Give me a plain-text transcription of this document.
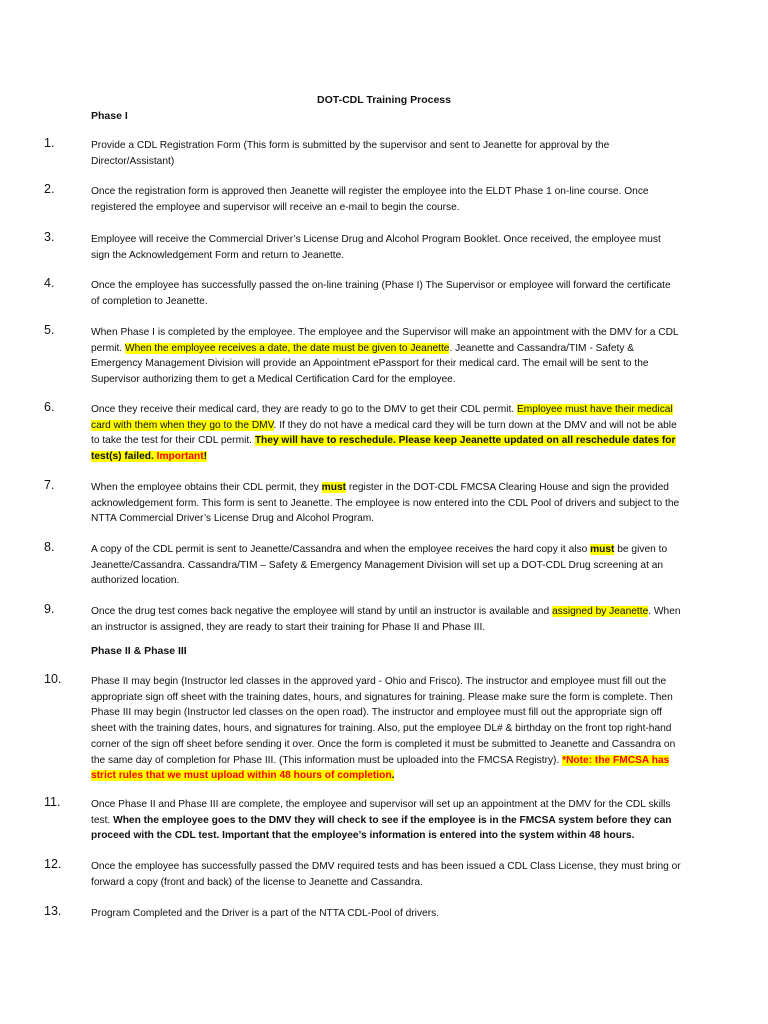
DOT-CDL Training Process

Phase I

1.	Provide a CDL Registration Form (This form is submitted by the supervisor and sent to Jeanette for approval by the Director/Assistant)
2.	Once the registration form is approved then Jeanette will register the employee into the ELDT Phase 1 on-line course. Once registered the employee and supervisor will receive an e-mail to begin the course.
3.	Employee will receive the Commercial Driver’s License Drug and Alcohol Program Booklet. Once received, the employee must sign the Acknowledgement Form and return to Jeanette.
4.	Once the employee has successfully passed the on-line training (Phase I) The Supervisor or employee will forward the certificate of completion to Jeanette.
5.	When Phase I is completed by the employee. The employee and the Supervisor will make an appointment with the DMV for a CDL permit. When the employee receives a date, the date must be given to Jeanette. Jeanette and Cassandra/TIM - Safety & Emergency Management Division will provide an Appointment ePassport for their medical card. The email will be sent to the Supervisor authorizing them to get a Medical Certification Card for the employee.
6.	Once they receive their medical card, they are ready to go to the DMV to get their CDL permit. Employee must have their medical card with them when they go to the DMV. If they do not have a medical card they will be turn down at the DMV and will not be able to take the test for their CDL permit. They will have to reschedule. Please keep Jeanette updated on all reschedule dates for test(s) failed. Important!
7.	When the employee obtains their CDL permit, they must register in the DOT-CDL FMCSA Clearing House and sign the provided acknowledgement form. This form is sent to Jeanette. The employee is now entered into the CDL Pool of drivers and subject to the NTTA Commercial Driver’s License Drug and Alcohol Program.
8.	A copy of the CDL permit is sent to Jeanette/Cassandra and when the employee receives the hard copy it also must be given to Jeanette/Cassandra. Cassandra/TIM – Safety & Emergency Management Division will set up a DOT-CDL Drug screening at an authorized location.
9.	Once the drug test comes back negative the employee will stand by until an instructor is available and assigned by Jeanette. When an instructor is assigned, they are ready to start their training for Phase II and Phase III.

Phase II & Phase III

10.	Phase II may begin (Instructor led classes in the approved yard - Ohio and Frisco). The instructor and employee must fill out the appropriate sign off sheet with the training dates, hours, and signatures for training. Please make sure the form is complete. Then Phase III may begin (Instructor led classes on the open road). The instructor and employee must fill out the appropriate sign off sheet with the training dates, hours, and signatures for training. Also, put the employee DL# & birthday on the front top right-hand corner of the sign off sheet before sending it over. Once the form is completed it must be submitted to Jeanette and Cassandra on the same day of completion for Phase III. (This information must be uploaded into the FMCSA Registry). *Note: the FMCSA has strict rules that we must upload within 48 hours of completion.
11.	Once Phase II and Phase III are complete, the employee and supervisor will set up an appointment at the DMV for the CDL skills test. When the employee goes to the DMV they will check to see if the employee is in the FMCSA system before they can proceed with the CDL test. Important that the employee’s information is entered into the system within 48 hours.
12.	Once the employee has successfully passed the DMV required tests and has been issued a CDL Class License, they must bring or forward a copy (front and back) of the license to Jeanette and Cassandra.
13.	Program Completed and the Driver is a part of the NTTA CDL-Pool of drivers.
